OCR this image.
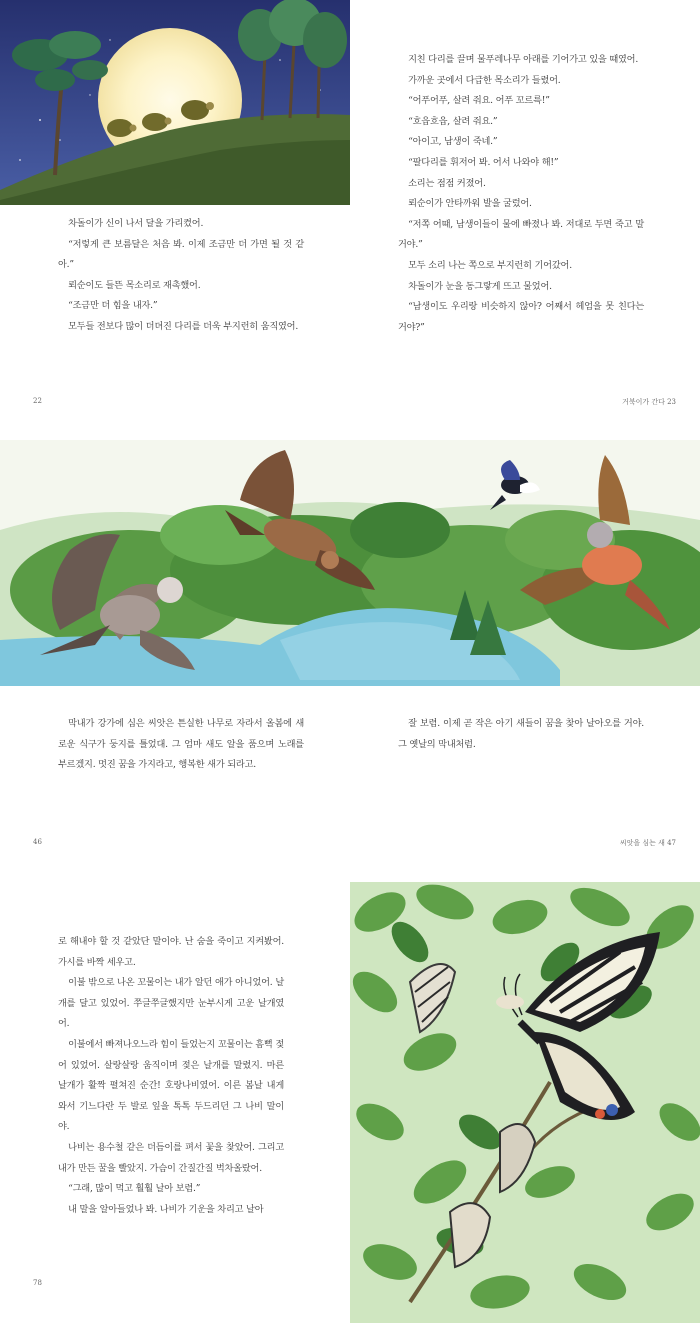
차돌이가 신이 나서 달을 가리켰어.

“저렇게 큰 보름달은 처음 봐. 이제 조금만 더 가면 될 것 같아.”

뢰순이도 들뜬 목소리로 재촉했어.

“조금만 더 힘을 내자.”

모두들 전보다 많이 더뎌진 다리를 더욱 부지런히 움직였어.

지친 다리를 끌며 물푸레나무 아래를 기어가고 있을 때였어.

가까운 곳에서 다급한 목소리가 들렸어.

“어푸어푸, 살려 줘요. 어푸 꼬르륵!”

“흐읍흐읍, 살려 줘요.”

“아이고, 남생이 죽네.”

“팔다리를 휘저어 봐. 어서 나와야 해!”

소리는 점점 커졌어.

뢰순이가 안타까워 발을 굴렀어.

“저쪽 어때, 남생이들이 물에 빠졌나 봐. 저대로 두면 죽고 말 거야.”

모두 소리 나는 쪽으로 부지런히 기어갔어.

차돌이가 눈을 동그랗게 뜨고 물었어.

“남생이도 우리랑 비슷하지 않아? 어째서 헤엄을 못 친다는 거야?”

22	거북이가 간다 23

막내가 강가에 심은 씨앗은 튼실한 나무로 자라서 올봄에 새로운 식구가 둥지를 틀었대. 그 엄마 새도 알을 품으며 노래를 부르겠지. 멋진 꿈을 가지라고, 행복한 새가 되라고.

잘 보렴. 이제 곧 작은 아기 새들이 꿈을 찾아 날아오를 거야. 그 옛날의 막내처럼.

46	씨앗을 심는 새 47

로 해내야 할 것 같았단 말이야. 난 숨을 죽이고 지켜봤어. 가시를 바짝 세우고.

이불 밖으로 나온 꼬물이는 내가 알던 애가 아니었어. 날개를 달고 있었어. 쭈글쭈글했지만 눈부시게 고운 날개였어.

이불에서 빠져나오느라 힘이 들었는지 꼬물이는 흠뻑 젖어 있었어. 살랑살랑 움직이며 젖은 날개를 말렸지. 마른 날개가 활짝 펼쳐진 순간! 호랑나비였어. 이른 봄날 내게 와서 기느다란 두 발로 잎을 톡톡 두드리던 그 나비 말이야.

나비는 용수철 같은 더듬이를 펴서 꽃을 찾았어. 그리고 내가 만든 꿀을 빨았지. 가슴이 간질간질 벅차올랐어.

“그래, 많이 먹고 훨훨 날아 보렴.”

내 말을 알아들었나 봐. 나비가 기운을 차리고 날아

78
